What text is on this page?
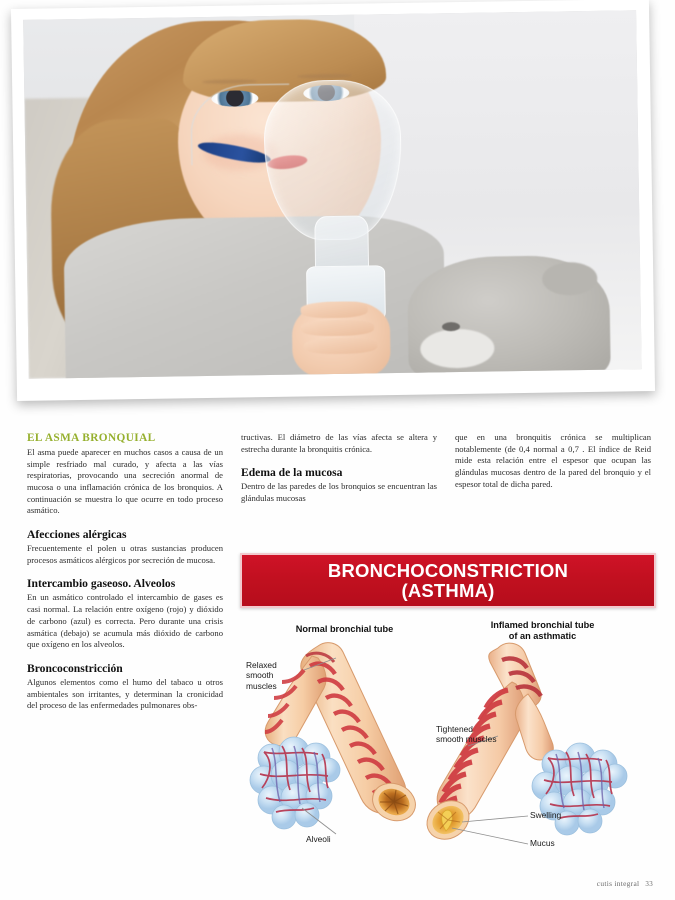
EL ASMA BRONQUIAL

El asma puede aparecer en muchos casos a causa de un simple resfriado mal curado, y afecta a las vías respiratorias, provocando una secreción anormal de mucosa o una inflamación crónica de los bronquios. A continuación se muestra lo que ocurre en todo proceso asmático.

Afecciones alérgicas

Frecuentemente el polen u otras sustancias producen procesos asmáticos alérgicos por secreción de mucosa.

Intercambio gaseoso. Alveolos

En un asmático controlado el intercambio de gases es casi normal. La relación entre oxígeno (rojo) y dióxido de carbono (azul) es correcta. Pero durante una crisis asmática (debajo) se acumula más dióxido de carbono que oxígeno en los alveolos.

Broncoconstricción

Algunos elementos como el humo del tabaco u otros ambientales son irritantes, y determinan la cronicidad del proceso de las enfermedades pulmonares obs-

tructivas. El diámetro de las vías afecta se altera y estrecha durante la bronquitis crónica.

Edema de la mucosa

Dentro de las paredes de los bronquios se encuentran las glándulas mucosas

que en una bronquitis crónica se multiplican notablemente (de 0,4 normal a 0,7 . El índice de Reid mide esta relación entre el espesor que ocupan las glándulas mucosas dentro de la pared del bronquio y el espesor total de dicha pared.

BRONCHOCONSTRICTION
(ASTHMA)
Normal bronchial tube	Inflamed bronchial tube
of an asthmatic
Relaxed smooth muscles
Alveoli
Tightened smooth muscles
Swelling
Mucus
cutis integral 33
